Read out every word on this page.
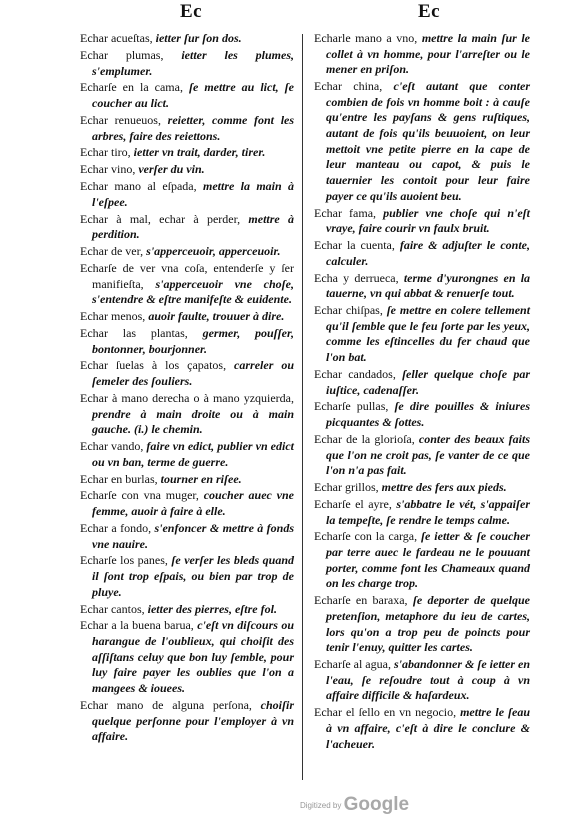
Ec	Ec
Echar acueſtas, ietter ſur ſon dos.
Echar plumas, ietter les plumes, s'emplumer.
Echarſe en la cama, ſe mettre au lict, ſe coucher au lict.
Echar renueuos, reietter, comme font les arbres, faire des reiettons.
Echar tiro, ietter vn trait, darder, tirer.
Echar vino, verſer du vin.
Echar mano al eſpada, mettre la main à l'eſpee.
Echar à mal, echar à perder, mettre à perdition.
Echar de ver, s'apperceuoir, apperceuoir.
Echarſe de ver vna coſa, entenderſe y ſer manifieſta, s'apperceuoir vne choſe, s'entendre & eſtre manifeſte & euidente.
Echar menos, auoir faulte, trouuer à dire.
Echar las plantas, germer, pouſſer, bontonner, bourjonner.
Echar ſuelas à los çapatos, carreler ou ſemeler des ſouliers.
Echar à mano derecha o à mano yzquierda, prendre à main droite ou à main gauche. (i.) le chemin.
Echar vando, faire vn edict, publier vn edict ou vn ban, terme de guerre.
Echar en burlas, tourner en riſee.
Echarſe con vna muger, coucher auec vne femme, auoir à faire à elle.
Echar a fondo, s'enfoncer & mettre à fonds vne nauire.
Echarſe los panes, ſe verſer les bleds quand il ſont trop eſpais, ou bien par trop de pluye.
Echar cantos, ietter des pierres, eſtre fol.
Echar a la buena barua, c'eſt vn diſcours ou harangue de l'oublieux, qui choiſit des aſſiſtans celuy que bon luy ſemble, pour luy faire payer les oublies que l'on a mangees & iouees.
Echar mano de alguna perſona, choiſir quelque perſonne pour l'employer à vn affaire.
Echarle mano a vno, mettre la main ſur le collet à vn homme, pour l'arreſter ou le mener en priſon.
Echar china, c'eſt autant que conter combien de fois vn homme boit : à cauſe qu'entre les payſans & gens ruſtiques, autant de fois qu'ils beuuoient, on leur mettoit vne petite pierre en la cape de leur manteau ou capot, & puis le tauernier les contoit pour leur faire payer ce qu'ils auoient beu.
Echar fama, publier vne choſe qui n'eſt vraye, faire courir vn faulx bruit.
Echar la cuenta, faire & adjuſter le conte, calculer.
Echa y derrueca, terme d'yurongnes en la tauerne, vn qui abbat & renuerſe tout.
Echar chiſpas, ſe mettre en colere tellement qu'il ſemble que le feu ſorte par les yeux, comme les eſtincelles du fer chaud que l'on bat.
Echar candados, ſeller quelque choſe par iuſtice, cadenaſſer.
Echarſe pullas, ſe dire pouilles & iniures picquantes & ſottes.
Echar de la glorioſa, conter des beaux faits que l'on ne croit pas, ſe vanter de ce que l'on n'a pas fait.
Echar grillos, mettre des fers aux pieds.
Echarſe el ayre, s'abbatre le vét, s'appaiſer la tempeſte, ſe rendre le temps calme.
Echarſe con la carga, ſe ietter & ſe coucher par terre auec le fardeau ne le pouuant porter, comme font les Chameaux quand on les charge trop.
Echarſe en baraxa, ſe deporter de quelque pretenſion, metaphore du ieu de cartes, lors qu'on a trop peu de poincts pour tenir l'enuy, quitter les cartes.
Echarſe al agua, s'abandonner & ſe ietter en l'eau, ſe reſoudre tout à coup à vn affaire difficile & haſardeux.
Echar el ſello en vn negocio, mettre le ſeau à vn affaire, c'eſt à dire le conclure & l'acheuer.
Digitized by Google
